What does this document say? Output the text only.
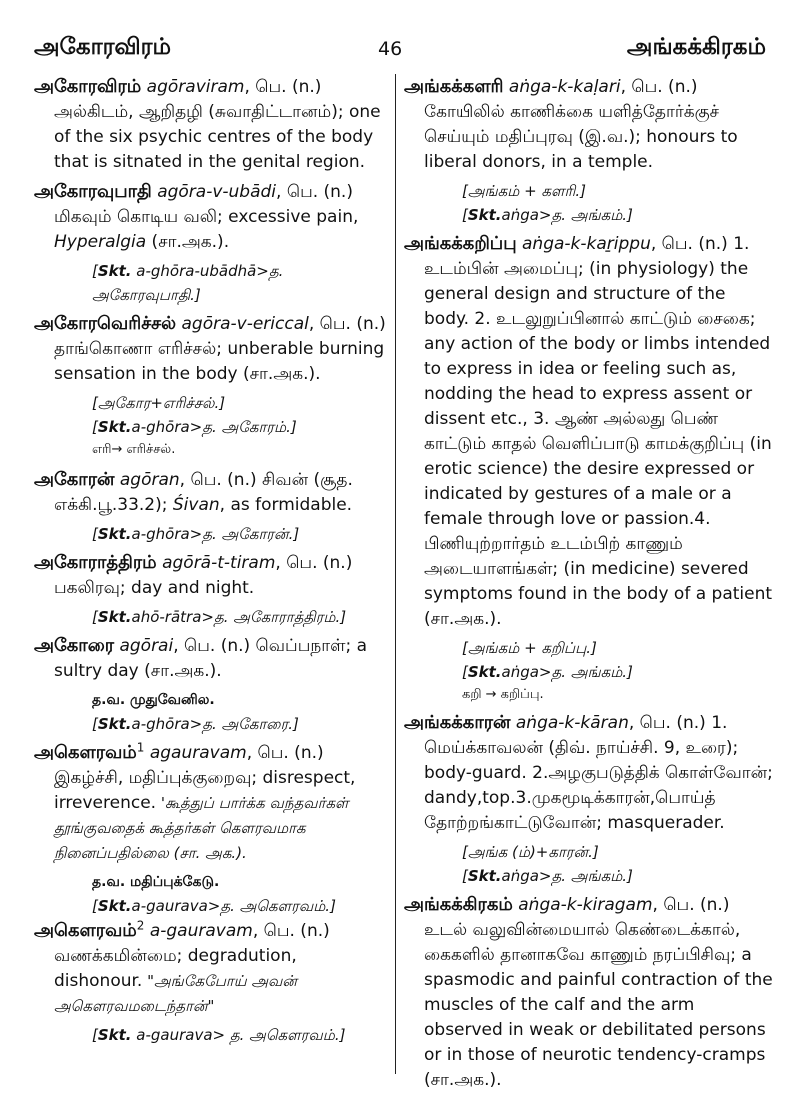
அகோரவிரம்	46	அங்கக்கிரகம்
அகோரவிரம் agōraviram, பெ. (n.) அல்கிடம், ஆறிதழி (சுவாதிட்டானம்); one of the six psychic centres of the body that is sitnated in the genital region.
அகோரவுபாதி agōra-v-ubādi, பெ. (n.) மிகவும் கொடிய வலி; excessive pain, Hyperalgia (சா.அக.).
[Skt. a-ghōra-ubādhā>த. அகோரவுபாதி.]
அகோரவெரிச்சல் agōra-v-ericcal, பெ. (n.) தாங்கொணா எரிச்சல்; unberable burning sensation in the body (சா.அக.).
[அகோர+எரிச்சல்.]
[Skt.a-ghōra>த. அகோரம்.]
எரி→ எரிச்சல்.
அகோரன் agōran, பெ. (n.) சிவன் (சூத. எக்கி.பூ.33.2); Śivan, as formidable.
[Skt.a-ghōra>த. அகோரன்.]
அகோராத்திரம் agōrā-t-tiram, பெ. (n.) பகலிரவு; day and night.
[Skt.ahō-rātra>த. அகோராத்திரம்.]
அகோரை agōrai, பெ. (n.) வெப்பநாள்; a sultry day (சா.அக.).
த.வ. முதுவேனில.
[Skt.a-ghōra>த. அகோரை.]
அகௌரவம்$^1$ agauravam, பெ. (n.) இகழ்ச்சி, மதிப்புக்குறைவு; disrespect, irreverence. 'கூத்துப் பார்க்க வந்தவர்கள் தூங்குவதைக் கூத்தர்கள் கௌரவமாக நினைப்பதில்லை (சா. அக.).
த.வ. மதிப்புக்கேடு.
[Skt.a-gaurava>த. அகௌரவம்.]
அகௌரவம்$^2$ a-gauravam, பெ. (n.) வணக்கமின்மை; degradution, dishonour. "அங்கேபோய் அவன் அகௌரவமடைந்தான்"
[Skt. a-gaurava> த. அகௌரவம்.]
அங்கக்களரி aṅga-k-kaḷari, பெ. (n.) கோயிலில் காணிக்கை யளித்தோர்க்குச் செய்யும் மதிப்புரவு (இ.வ.); honours to liberal donors, in a temple.
[அங்கம் + களரி.]
[Skt.aṅga>த. அங்கம்.]
அங்கக்கறிப்பு aṅga-k-kaṟippu, பெ. (n.) 1. உடம்பின் அமைப்பு; (in physiology) the general design and structure of the body. 2. உடலுறுப்பினால் காட்டும் சைகை; any action of the body or limbs intended to express in idea or feeling such as, nodding the head to express assent or dissent etc., 3. ஆண் அல்லது பெண் காட்டும் காதல் வெளிப்பாடு காமக்குறிப்பு (in erotic science) the desire expressed or indicated by gestures of a male or a female through love or passion.4. பிணியுற்றார்தம் உடம்பிற் காணும் அடையாளங்கள்; (in medicine) severed symptoms found in the body of a patient (சா.அக.).
[அங்கம் + கறிப்பு.]
[Skt.aṅga>த. அங்கம்.]
கறி → கறிப்பு.
அங்கக்காரன் aṅga-k-kāran, பெ. (n.) 1. மெய்க்காவலன் (திவ். நாய்ச்சி. 9, உரை); body-guard. 2.அழகுபடுத்திக் கொள்வோன்; dandy,top.3.முகமூடிக்காரன்,பொய்த் தோற்றங்காட்டுவோன்; masquerader.
[அங்க (ம்)+காரன்.]
[Skt.aṅga>த. அங்கம்.]
அங்கக்கிரகம் aṅga-k-kiragam, பெ. (n.) உடல் வலுவின்மையால் கெண்டைக்கால், கைகளில் தானாகவே காணும் நரப்பிசிவு; a spasmodic and painful contraction of the muscles of the calf and the arm observed in weak or debilitated persons or in those of neurotic tendency-cramps (சா.அக.).
